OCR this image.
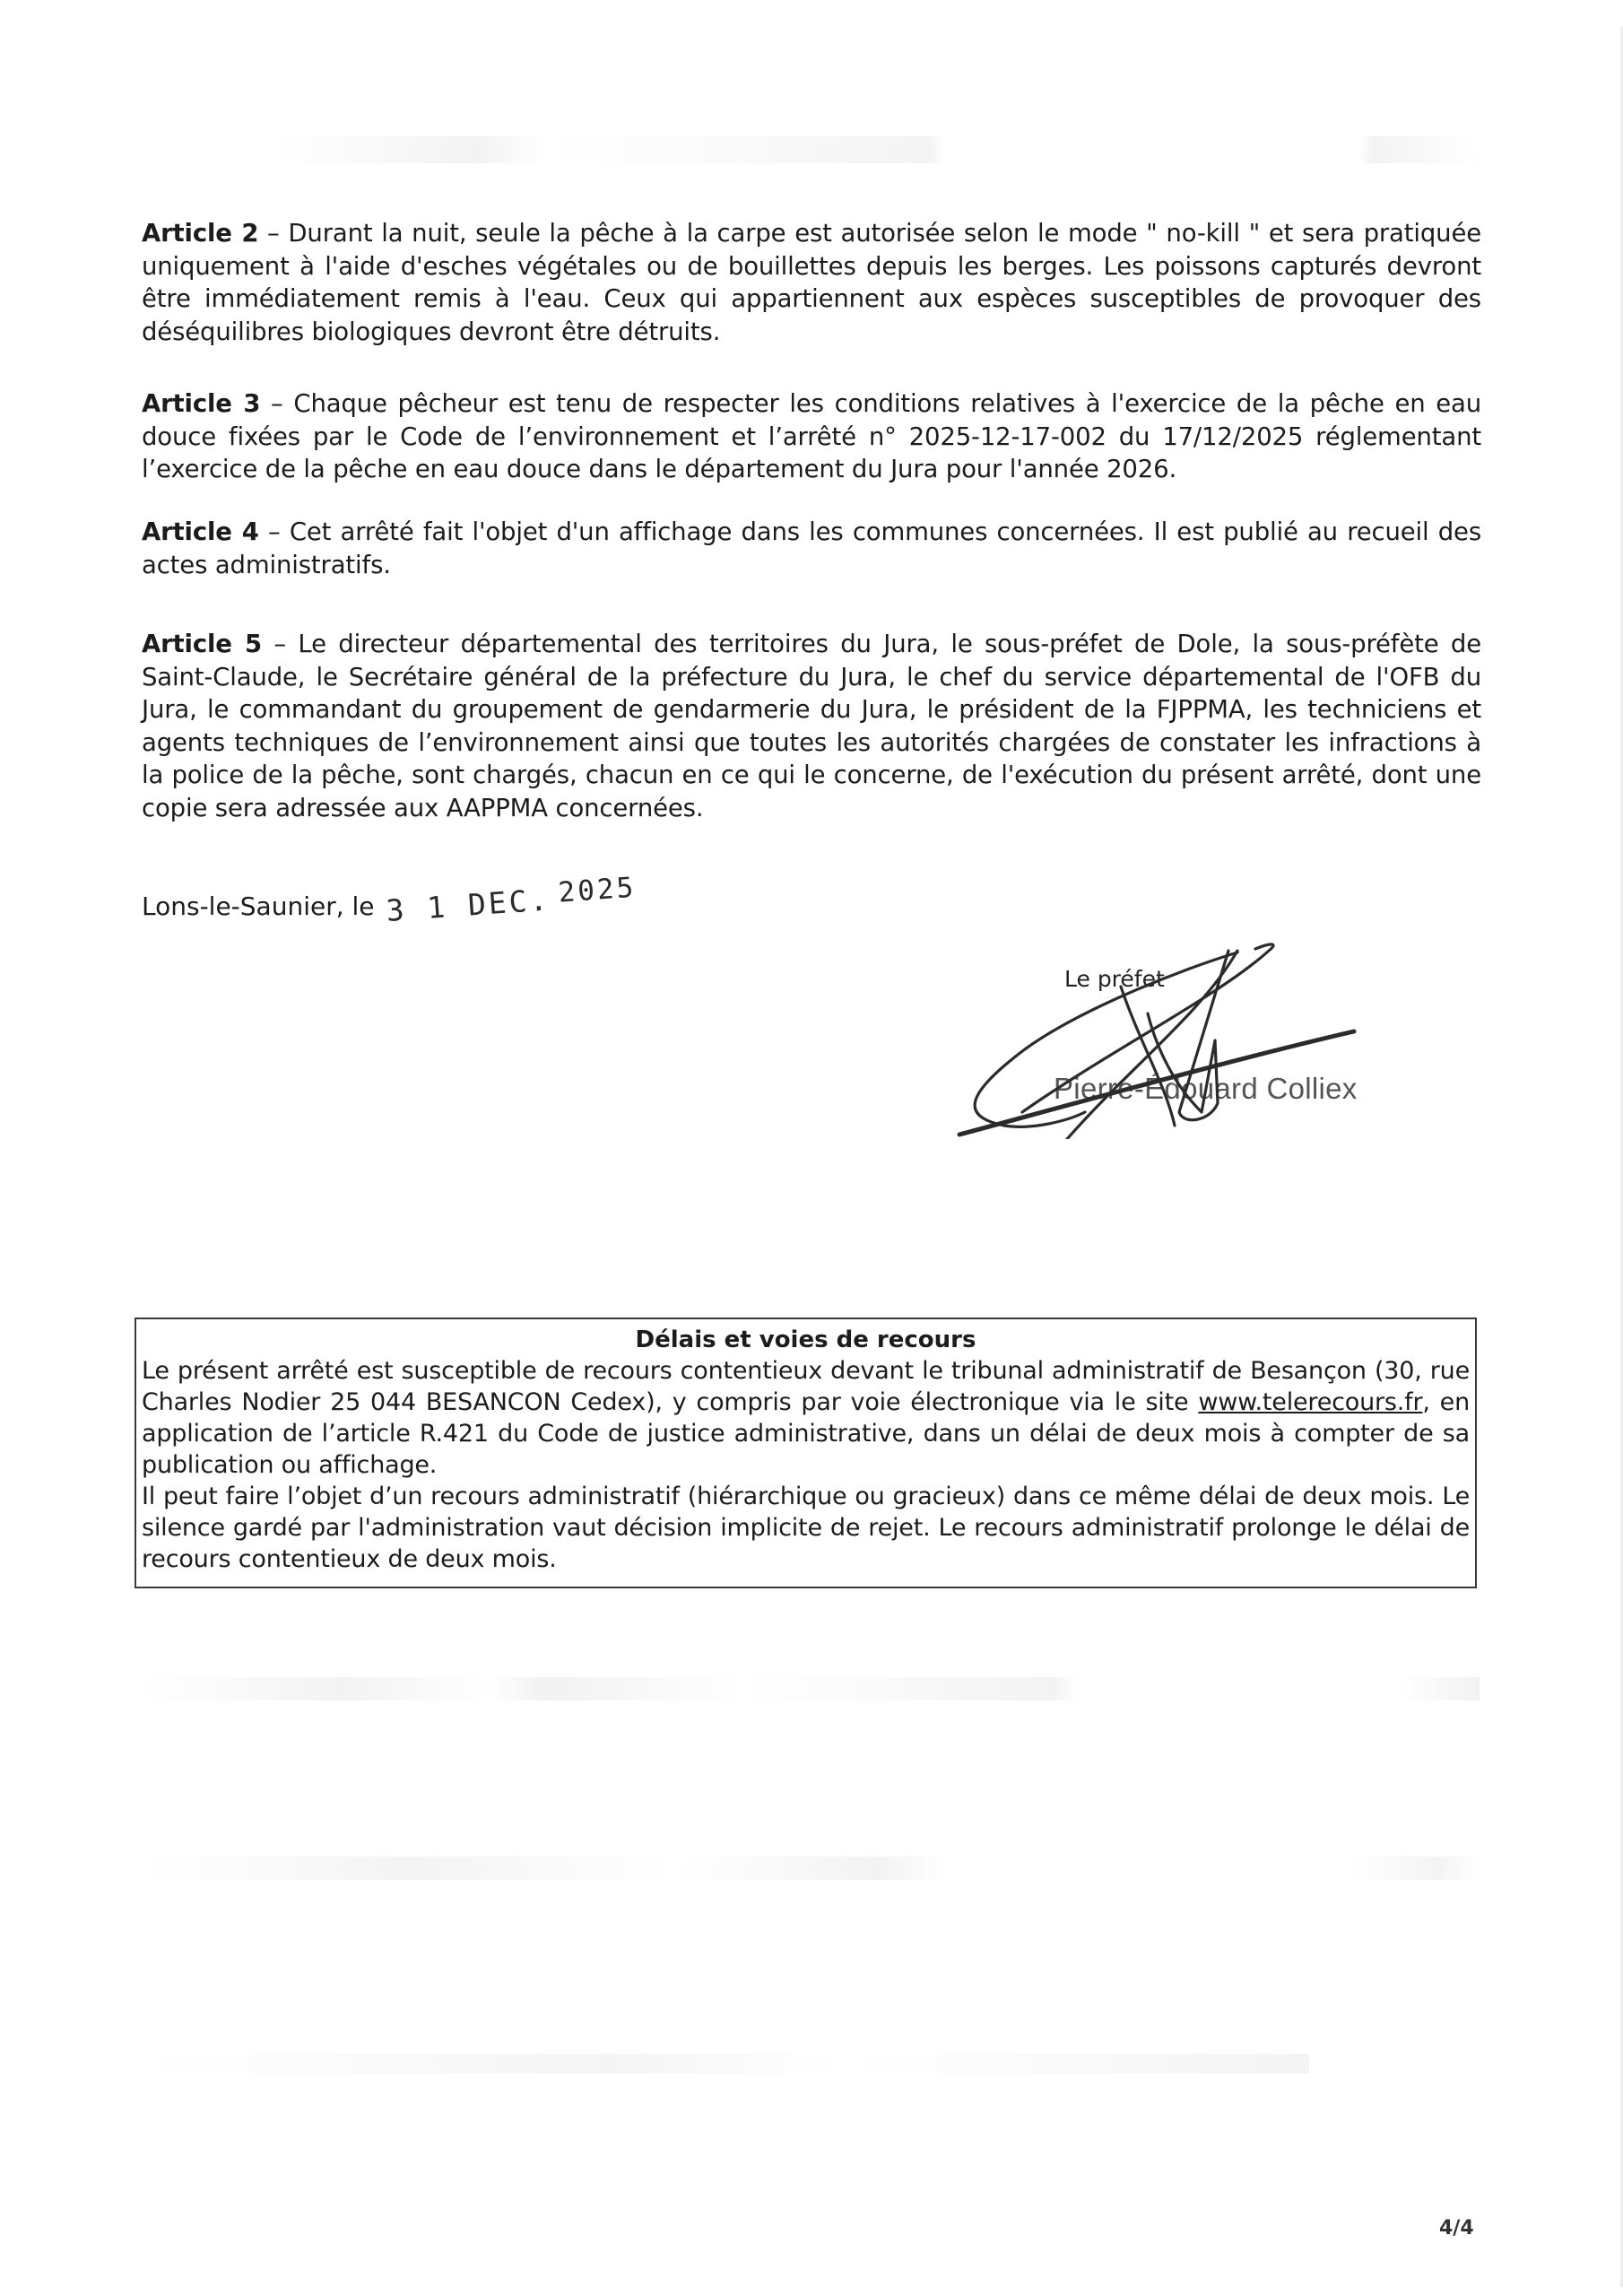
Article 2 – Durant la nuit, seule la pêche à la carpe est autorisée selon le mode " no-kill " et sera pratiquée uniquement à l'aide d'esches végétales ou de bouillettes depuis les berges. Les poissons capturés devront être immédiatement remis à l'eau. Ceux qui appartiennent aux espèces susceptibles de provoquer des déséquilibres biologiques devront être détruits.
Article 3 – Chaque pêcheur est tenu de respecter les conditions relatives à l'exercice de la pêche en eau douce fixées par le Code de l’environnement et l’arrêté n° 2025-12-17-002 du 17/12/2025 réglementant l’exercice de la pêche en eau douce dans le département du Jura pour l'année 2026.
Article 4 – Cet arrêté fait l'objet d'un affichage dans les communes concernées. Il est publié au recueil des actes administratifs.
Article 5 – Le directeur départemental des territoires du Jura, le sous-préfet de Dole, la sous-préfète de Saint-Claude, le Secrétaire général de la préfecture du Jura, le chef du service départemental de l'OFB du Jura, le commandant du groupement de gendarmerie du Jura, le président de la FJPPMA, les techniciens et agents techniques de l’environnement ainsi que toutes les autorités chargées de constater les infractions à la police de la pêche, sont chargés, chacun en ce qui le concerne, de l'exécution du présent arrêté, dont une copie sera adressée aux AAPPMA concernées.
Lons-le-Saunier, le 3 1 DEC. 2025
Le préfet
Pierre-Édouard Colliex
Délais et voies de recours

Le présent arrêté est susceptible de recours contentieux devant le tribunal administratif de Besançon (30, rue Charles Nodier 25 044 BESANCON Cedex), y compris par voie électronique via le site www.telerecours.fr, en application de l’article R.421 du Code de justice administrative, dans un délai de deux mois à compter de sa publication ou affichage.

Il peut faire l’objet d’un recours administratif (hiérarchique ou gracieux) dans ce même délai de deux mois. Le silence gardé par l'administration vaut décision implicite de rejet. Le recours administratif prolonge le délai de recours contentieux de deux mois.

4/4
